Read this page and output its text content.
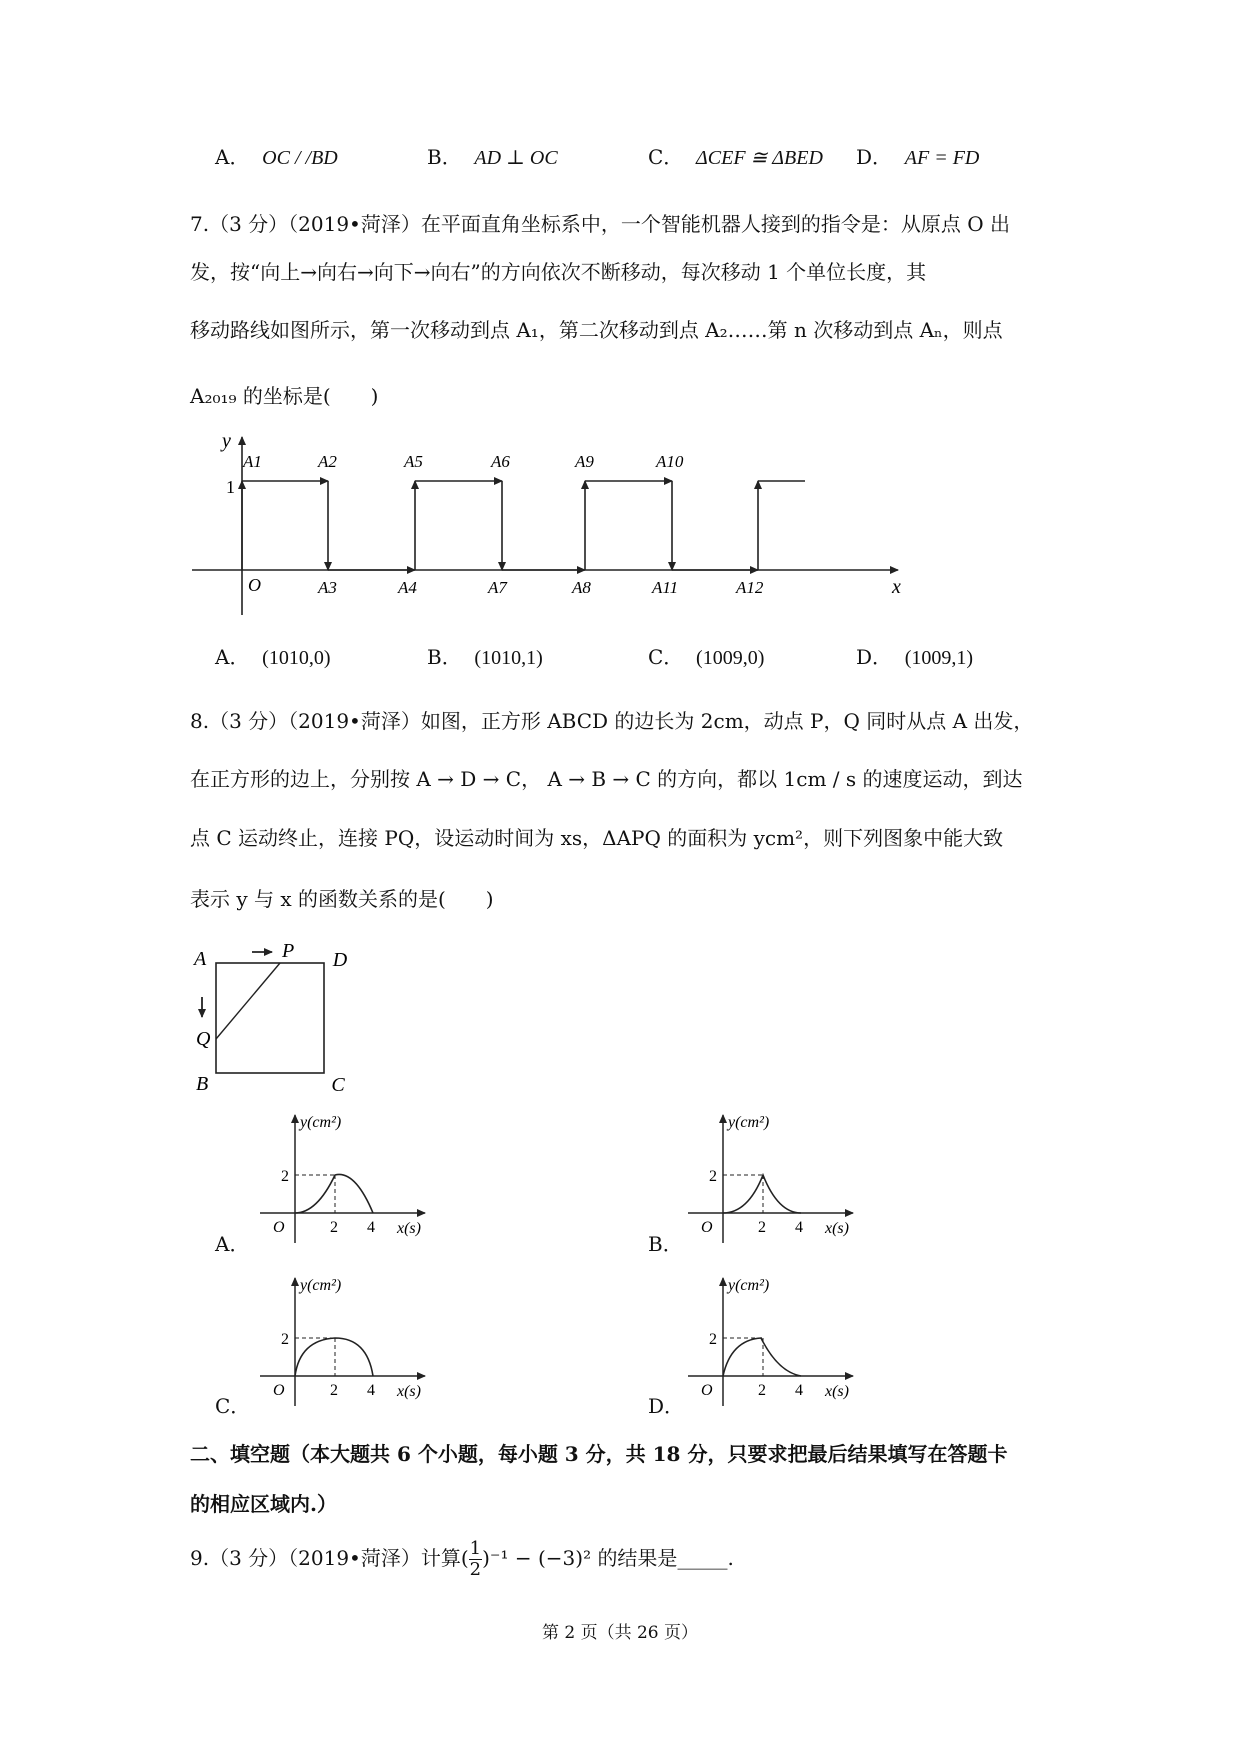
A． OC / /BD	B． AD ⊥ OC	C． ΔCEF ≅ ΔBED D． AF = FD
7.（3 分）（2019•菏泽）在平面直角坐标系中，一个智能机器人接到的指令是：从原点 O 出
发，按“向上→向右→向下→向右”的方向依次不断移动，每次移动 1 个单位长度，其
移动路线如图所示，第一次移动到点 A₁，第二次移动到点 A₂……第 n 次移动到点 Aₙ，则点
A₂₀₁₉ 的坐标是(　　)
y
x
O
1
A1	A2	A5	A6	A9	A10
A3	A4	A7	A8	A11	A12
A． (1010,0)	B． (1010,1)	C． (1009,0)	D． (1009,1)
8.（3 分）（2019•菏泽）如图，正方形 ABCD 的边长为 2cm，动点 P，Q 同时从点 A 出发，
在正方形的边上，分别按 A → D → C， A → B → C 的方向，都以 1cm / s 的速度运动，到达
点 C 运动终止，连接 PQ，设运动时间为 xs，ΔAPQ 的面积为 ycm²，则下列图象中能大致
表示 y 与 x 的函数关系的是(　　)
A	P D
Q
B	C
y(cm²)
2
O	2 4 x(s)
A．
y(cm²)
2
O	2 4 x(s)
B．
y(cm²)
2
O	2 4 x(s)
C．
y(cm²)
2
O	2 4 x(s)
D．
二、填空题（本大题共 6 个小题，每小题 3 分，共 18 分，只要求把最后结果填写在答题卡
的相应区域内.）
9.（3 分）（2019•菏泽）计算( $\frac{1}{2} )^{-1} - (-3)^2$ 的结果是_____.
第 2 页（共 26 页）
